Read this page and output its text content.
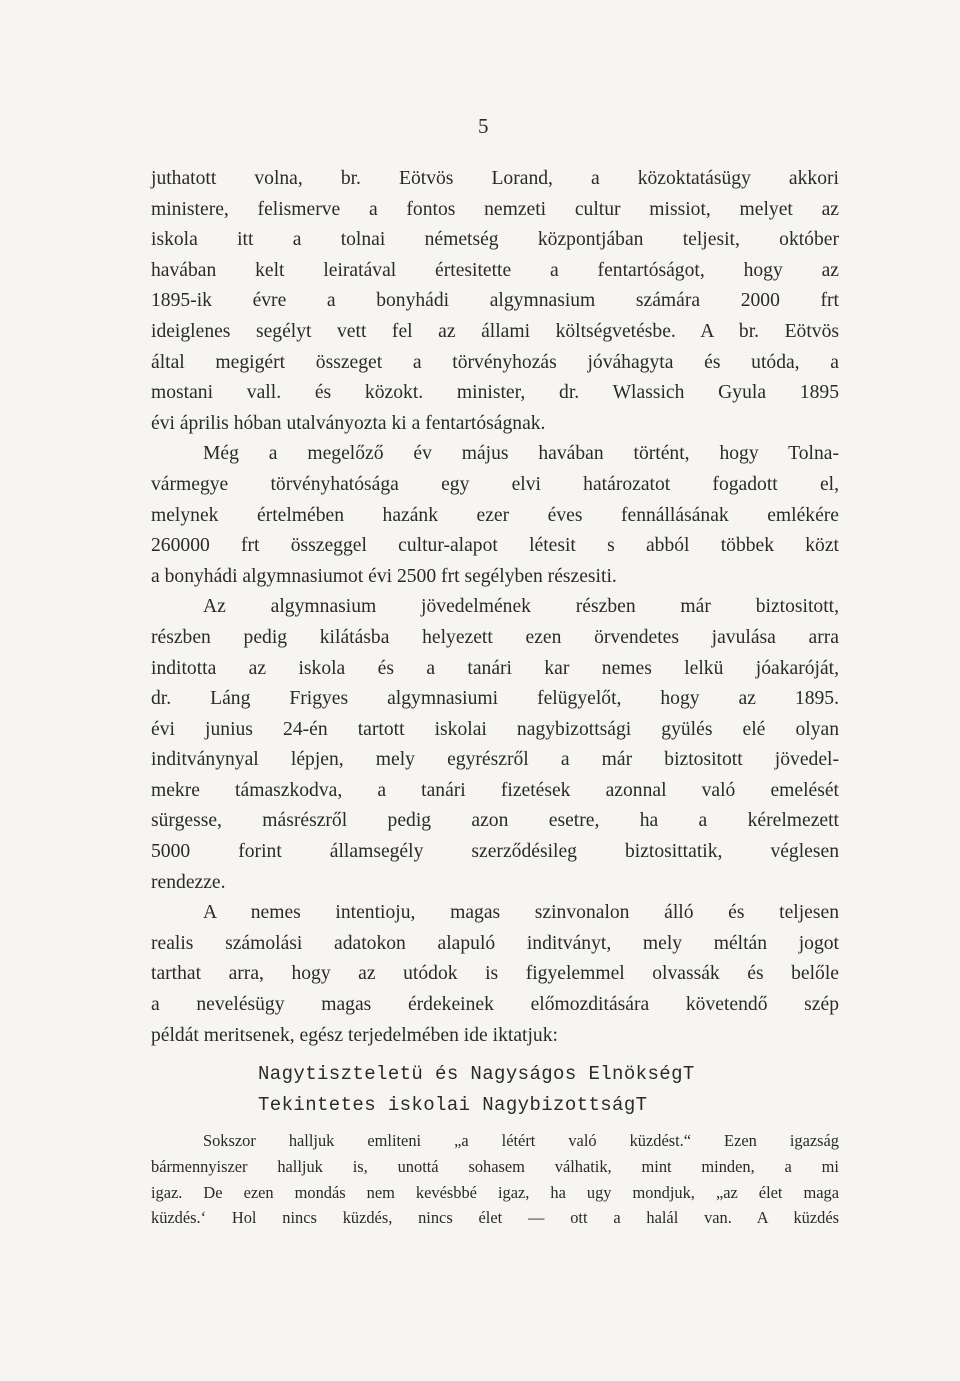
5
juthatott volna, br. Eötvös Lorand, a közoktatásügy akkori
ministere, felismerve a fontos nemzeti cultur missiot, melyet az
iskola itt a tolnai németség központjában teljesit, október
havában kelt leiratával értesitette a fentartóságot, hogy az
1895-ik évre a bonyhádi algymnasium számára 2000 frt
ideiglenes segélyt vett fel az állami költségvetésbe. A br. Eötvös
által megigért összeget a törvényhozás jóváhagyta és utóda, a
mostani vall. és közokt. minister, dr. Wlassich Gyula 1895
évi április hóban utalványozta ki a fentartóságnak.
Még a megelőző év május havában történt, hogy Tolna-
vármegye törvényhatósága egy elvi határozatot fogadott el,
melynek értelmében hazánk ezer éves fennállásának emlékére
260000 frt összeggel cultur-alapot létesit s abból többek közt
a bonyhádi algymnasiumot évi 2500 frt segélyben részesiti.
Az algymnasium jövedelmének részben már biztositott,
részben pedig kilátásba helyezett ezen örvendetes javulása arra
inditotta az iskola és a tanári kar nemes lelkü jóakaróját,
dr. Láng Frigyes algymnasiumi felügyelőt, hogy az 1895.
évi junius 24-én tartott iskolai nagybizottsági gyülés elé olyan
inditványnyal lépjen, mely egyrészről a már biztositott jövedel-
mekre támaszkodva, a tanári fizetések azonnal való emelését
sürgesse, másrészről pedig azon esetre, ha a kérelmezett
5000 forint államsegély szerződésileg biztosittatik, véglesen
rendezze.
A nemes intentioju, magas szinvonalon álló és teljesen
realis számolási adatokon alapuló inditványt, mely méltán jogot
tarthat arra, hogy az utódok is figyelemmel olvassák és belőle
a nevelésügy magas érdekeinek előmozditására követendő szép
példát meritsenek, egész terjedelmében ide iktatjuk:
Nagytiszteletü és Nagyságos ElnökségT
Tekintetes iskolai NagybizottságT
Sokszor halljuk emliteni „a létért való küzdést.“ Ezen igazság
bármennyiszer halljuk is, unottá sohasem válhatik, mint minden, a mi
igaz. De ezen mondás nem kevésbbé igaz, ha ugy mondjuk, „az élet maga
küzdés.‘ Hol nincs küzdés, nincs élet — ott a halál van. A küzdés
